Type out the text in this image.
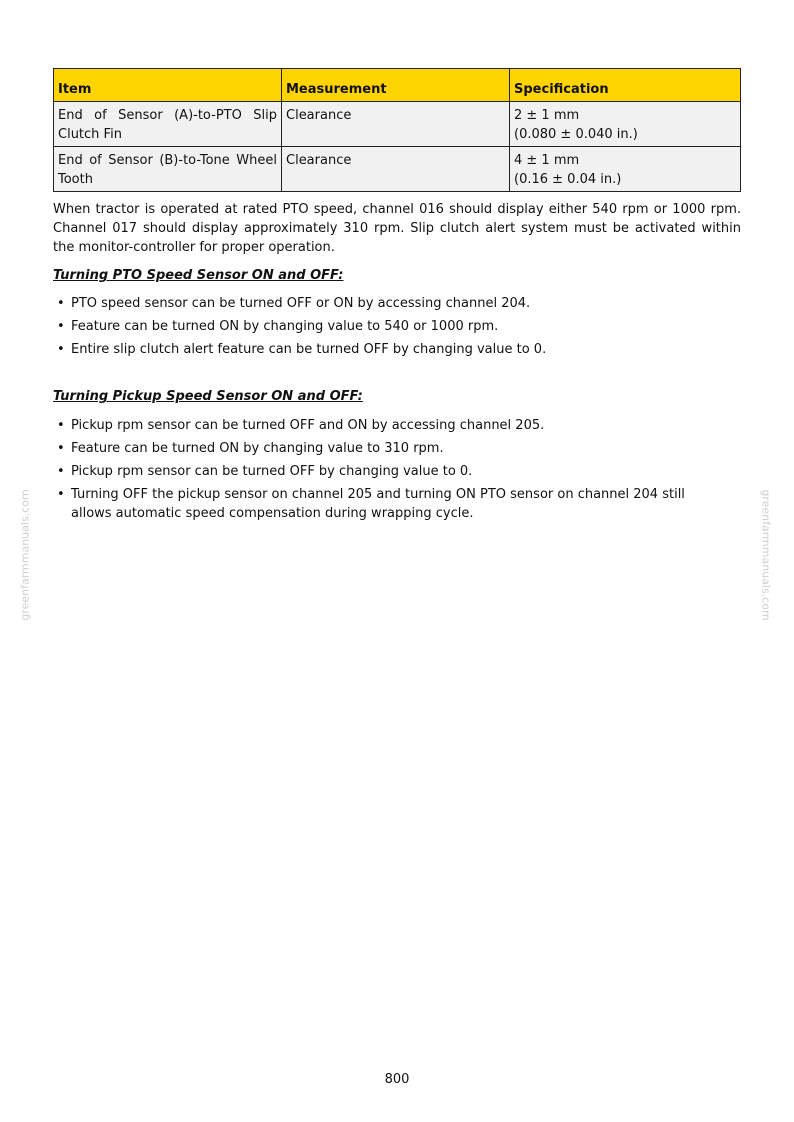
Item	Measurement	Specification
End of Sensor (A)-to-PTO Slip Clutch Fin	Clearance	2 ± 1 mm
(0.080 ± 0.040 in.)

End of Sensor (B)-to-Tone Wheel Tooth	Clearance	4 ± 1 mm
(0.16 ± 0.04 in.)

When tractor is operated at rated PTO speed, channel 016 should display either 540 rpm or 1000 rpm. Channel 017 should display approximately 310 rpm. Slip clutch alert system must be activated within the monitor-controller for proper operation.

Turning PTO Speed Sensor ON and OFF:
• PTO speed sensor can be turned OFF or ON by accessing channel 204.
• Feature can be turned ON by changing value to 540 or 1000 rpm.
• Entire slip clutch alert feature can be turned OFF by changing value to 0.
Turning Pickup Speed Sensor ON and OFF:
• Pickup rpm sensor can be turned OFF and ON by accessing channel 205.
• Feature can be turned ON by changing value to 310 rpm.
• Pickup rpm sensor can be turned OFF by changing value to 0.
• Turning OFF the pickup sensor on channel 205 and turning ON PTO sensor on channel 204 still allows automatic speed compensation during wrapping cycle.
greenfarmmanuals.com	greenfarmmanuals.com
800
